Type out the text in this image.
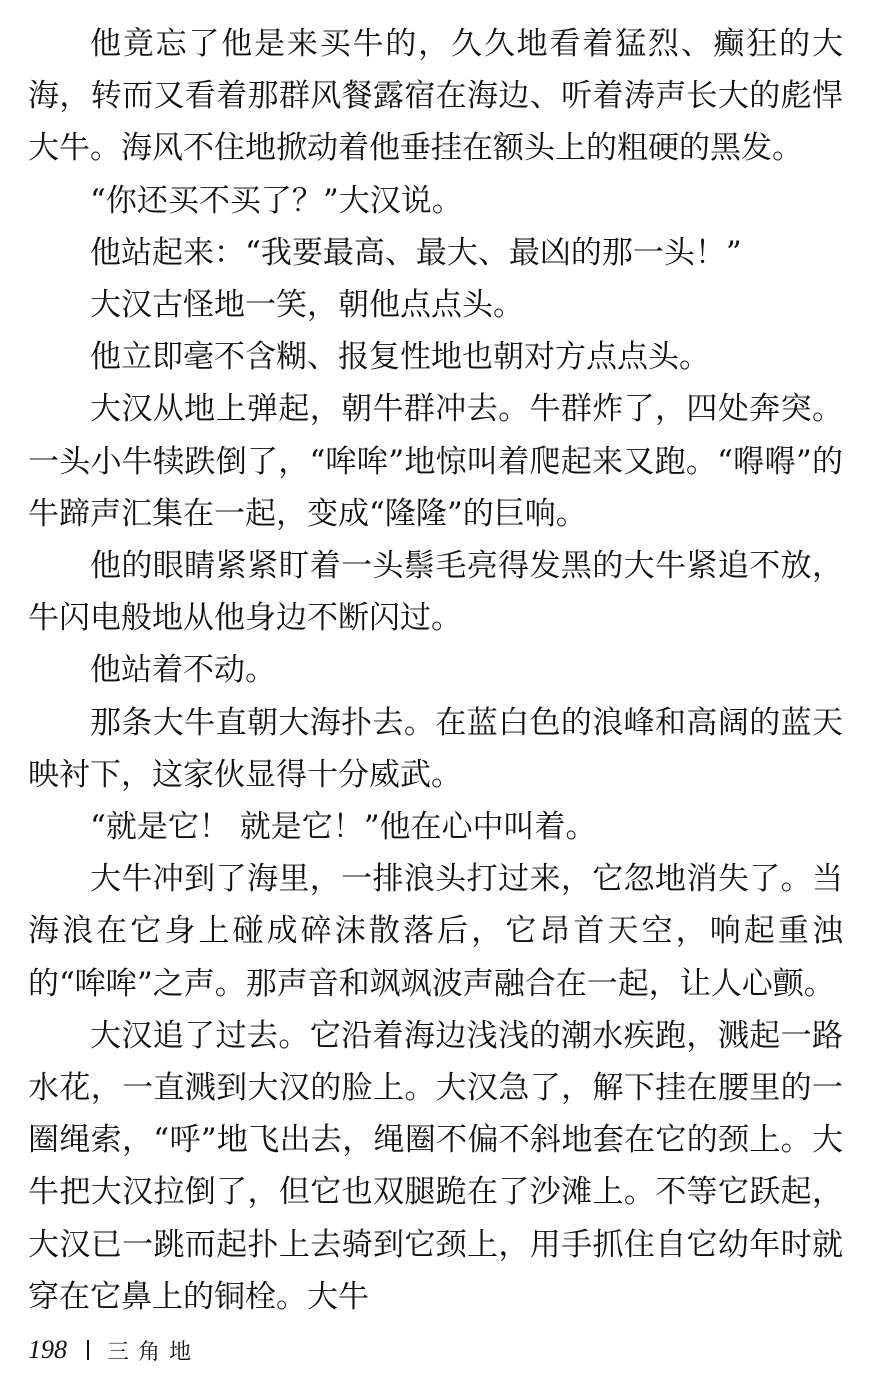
他竟忘了他是来买牛的，久久地看着猛烈、癫狂的大海，转而又看着那群风餐露宿在海边、听着涛声长大的彪悍大牛。海风不住地掀动着他垂挂在额头上的粗硬的黑发。

“你还买不买了？”大汉说。

他站起来：“我要最高、最大、最凶的那一头！”

大汉古怪地一笑，朝他点点头。

他立即毫不含糊、报复性地也朝对方点点头。

大汉从地上弹起，朝牛群冲去。牛群炸了，四处奔突。一头小牛犊跌倒了，“哞哞”地惊叫着爬起来又跑。“嘚嘚”的牛蹄声汇集在一起，变成“隆隆”的巨响。

他的眼睛紧紧盯着一头鬃毛亮得发黑的大牛紧追不放，牛闪电般地从他身边不断闪过。

他站着不动。

那条大牛直朝大海扑去。在蓝白色的浪峰和高阔的蓝天映衬下，这家伙显得十分威武。

“就是它！ 就是它！”他在心中叫着。

大牛冲到了海里，一排浪头打过来，它忽地消失了。当海浪在它身上碰成碎沫散落后，它昂首天空，响起重浊的“哞哞”之声。那声音和飒飒波声融合在一起，让人心颤。

大汉追了过去。它沿着海边浅浅的潮水疾跑，溅起一路水花，一直溅到大汉的脸上。大汉急了，解下挂在腰里的一圈绳索，“呼”地飞出去，绳圈不偏不斜地套在它的颈上。大牛把大汉拉倒了，但它也双腿跪在了沙滩上。不等它跃起，大汉已一跳而起扑上去骑到它颈上，用手抓住自它幼年时就穿在它鼻上的铜栓。大牛

198 三角地
